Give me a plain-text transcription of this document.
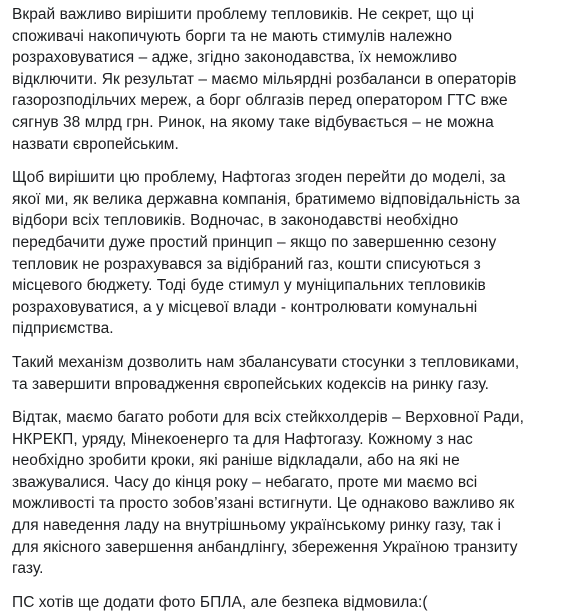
Вкрай важливо вирішити проблему тепловиків. Не секрет, що ці
споживачі накопичують борги та не мають стимулів належно
розраховуватися – адже, згідно законодавства, їх неможливо
відключити. Як результат – маємо мільярдні розбаланси в операторів
газорозподільчих мереж, а борг облгазів перед оператором ГТС вже
сягнув 38 млрд грн. Ринок, на якому таке відбувається – не можна
назвати європейським.

Щоб вирішити цю проблему, Нафтогаз згоден перейти до моделі, за
якої ми, як велика державна компанія, братимемо відповідальність за
відбори всіх тепловиків. Водночас, в законодавстві необхідно
передбачити дуже простий принцип – якщо по завершенню сезону
тепловик не розрахувався за відібраний газ, кошти списуються з
місцевого бюджету. Тоді буде стимул у муніципальних тепловиків
розраховуватися, а у місцевої влади - контролювати комунальні
підприємства.

Такий механізм дозволить нам збалансувати стосунки з тепловиками,
та завершити впровадження європейських кодексів на ринку газу.

Відтак, маємо багато роботи для всіх стейкхолдерів – Верховної Ради,
НКРЕКП, уряду, Мінекоенерго та для Нафтогазу. Кожному з нас
необхідно зробити кроки, які раніше відкладали, або на які не
зважувалися. Часу до кінця року – небагато, проте ми маємо всі
можливості та просто зобов’язані встигнути. Це однаково важливо як
для наведення ладу на внутрішньому українському ринку газу, так і
для якісного завершення анбандлінгу, збереження Україною транзиту
газу.

ПС хотів ще додати фото БПЛА, але безпека відмовила:(
